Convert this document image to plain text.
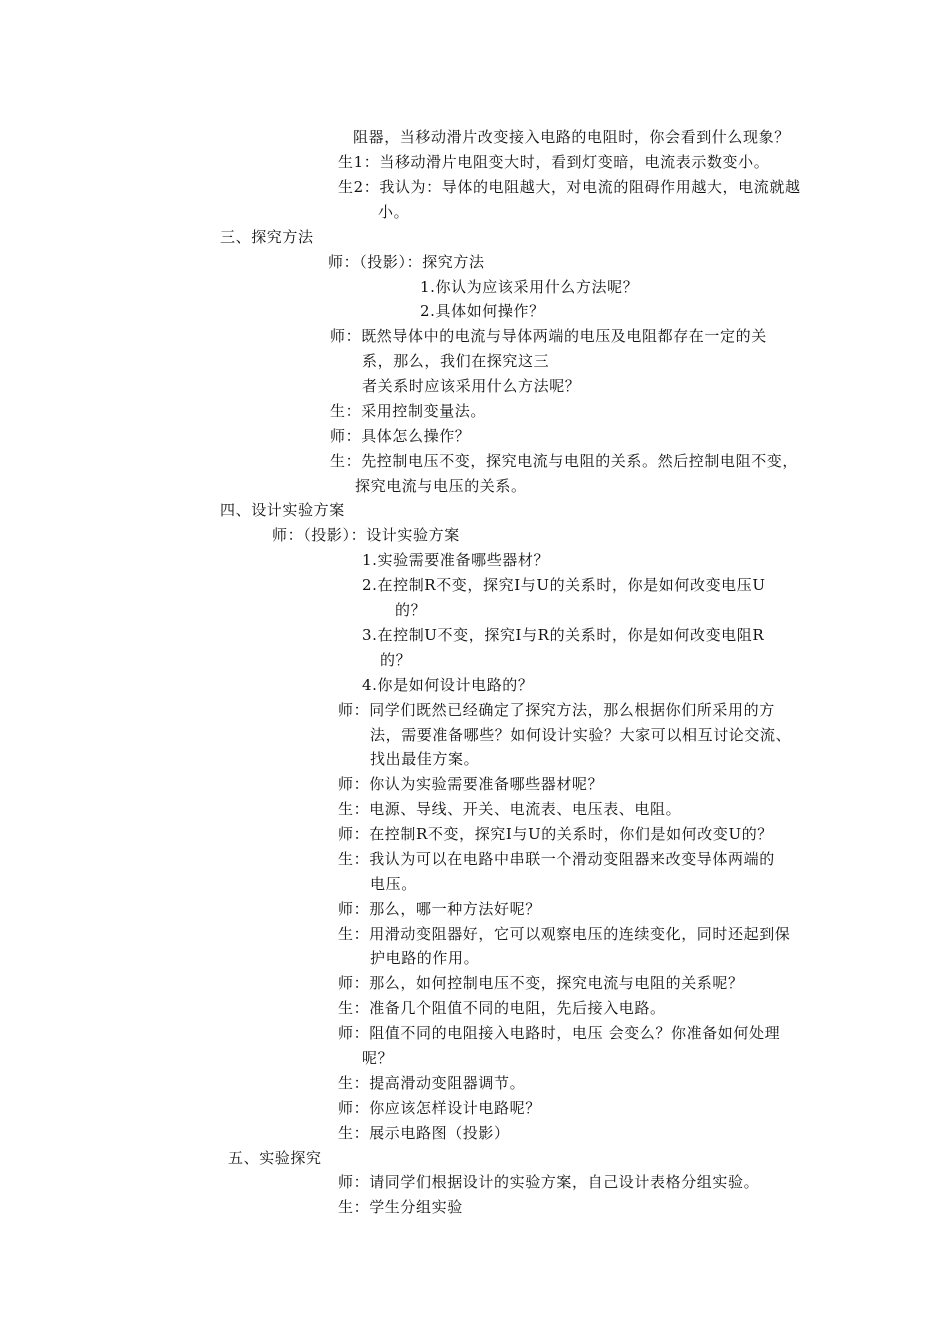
阻器，当移动滑片改变接入电路的电阻时，你会看到什么现象？
生1：当移动滑片电阻变大时，看到灯变暗，电流表示数变小。
生2：我认为：导体的电阻越大，对电流的阻碍作用越大，电流就越
小。
三、探究方法
师：（投影）：探究方法
1.你认为应该采用什么方法呢？
2.具体如何操作？
师：既然导体中的电流与导体两端的电压及电阻都存在一定的关
系，那么，我们在探究这三
者关系时应该采用什么方法呢？
生：采用控制变量法。
师：具体怎么操作？
生：先控制电压不变，探究电流与电阻的关系。然后控制电阻不变，
探究电流与电压的关系。
四、设计实验方案
师：（投影）：设计实验方案
1.实验需要准备哪些器材？
2.在控制R不变，探究I与U的关系时，你是如何改变电压U
的？
3.在控制U不变，探究I与R的关系时，你是如何改变电阻R
的？
4.你是如何设计电路的？
师：同学们既然已经确定了探究方法，那么根据你们所采用的方
法，需要准备哪些？如何设计实验？大家可以相互讨论交流、
找出最佳方案。
师：你认为实验需要准备哪些器材呢？
生：电源、导线、开关、电流表、电压表、电阻。
师：在控制R不变，探究I与U的关系时，你们是如何改变U的？
生：我认为可以在电路中串联一个滑动变阻器来改变导体两端的
电压。
师：那么，哪一种方法好呢？
生：用滑动变阻器好，它可以观察电压的连续变化，同时还起到保
护电路的作用。
师：那么，如何控制电压不变，探究电流与电阻的关系呢？
生：准备几个阻值不同的电阻，先后接入电路。
师：阻值不同的电阻接入电路时，电压 会变么？你准备如何处理
呢？
生：提高滑动变阻器调节。
师：你应该怎样设计电路呢？
生：展示电路图（投影）
五、实验探究
师：请同学们根据设计的实验方案，自己设计表格分组实验。
生：学生分组实验
